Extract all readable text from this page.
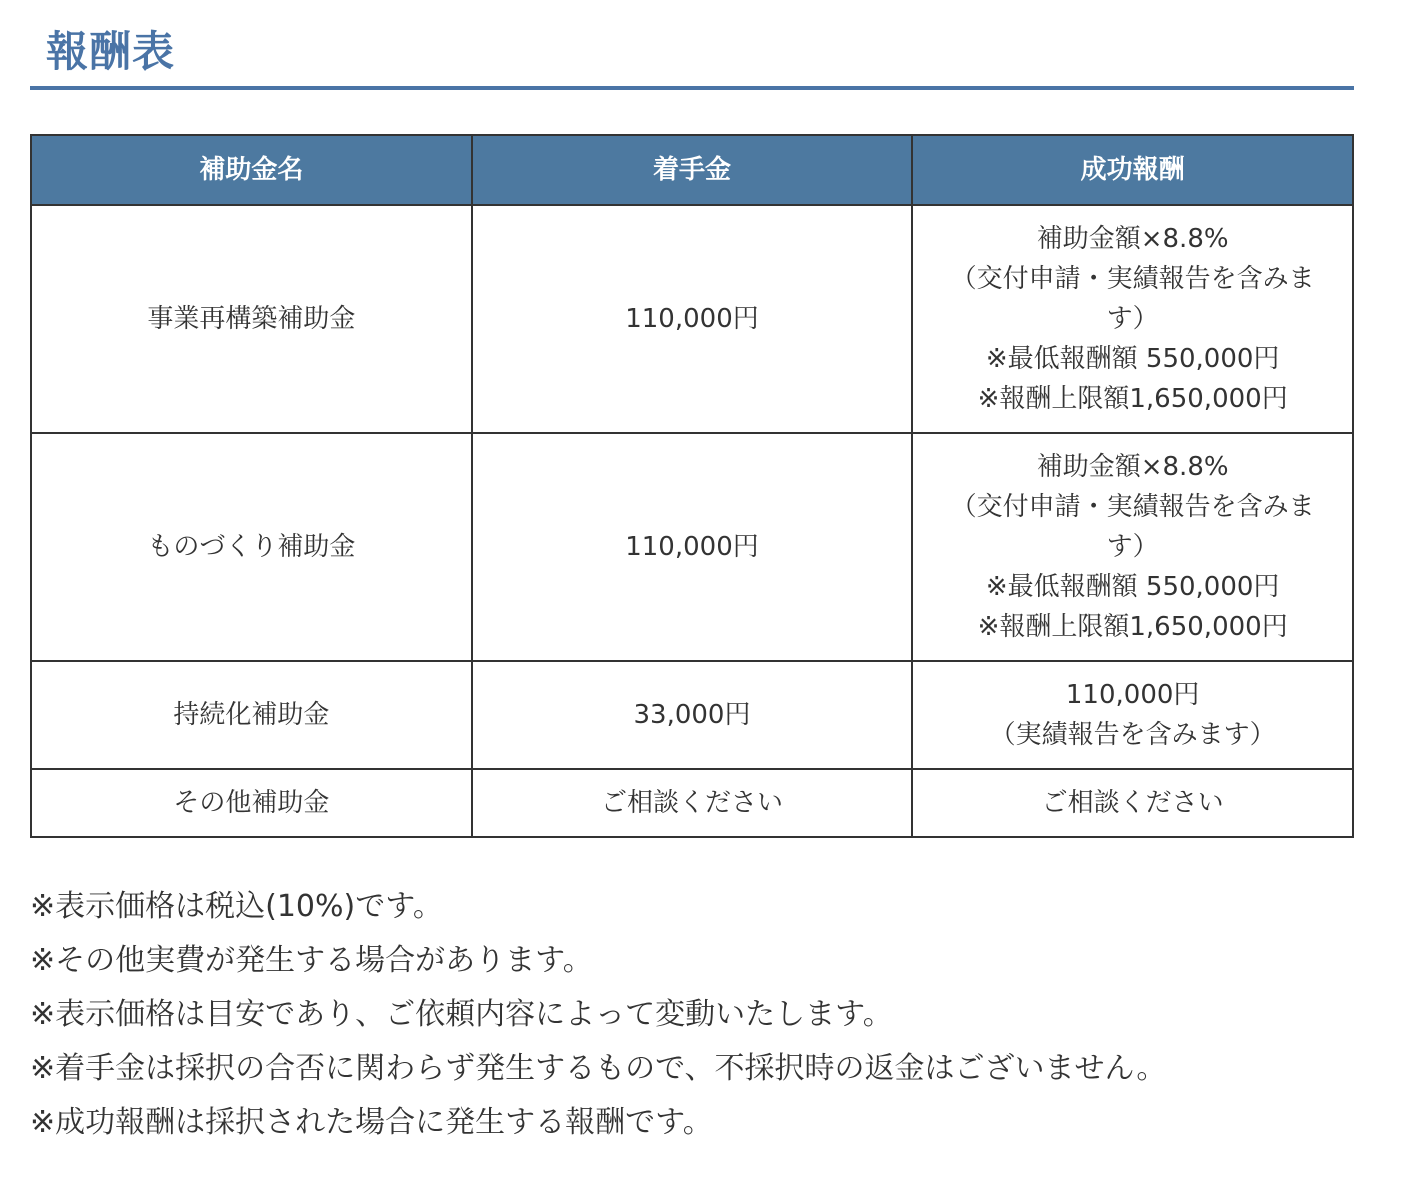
報酬表
補助金名	着手金	成功報酬
事業再構築補助金	110,000円	補助金額×8.8%
（交付申請・実績報告を含みま
す）
※最低報酬額 550,000円
※報酬上限額1,650,000円

ものづくり補助金	110,000円	補助金額×8.8%
（交付申請・実績報告を含みま
す）
※最低報酬額 550,000円
※報酬上限額1,650,000円

持続化補助金	33,000円	110,000円
（実績報告を含みます）

その他補助金	ご相談ください	ご相談ください
※表示価格は税込(10%)です。
※その他実費が発生する場合があります。
※表示価格は目安であり、ご依頼内容によって変動いたします。
※着手金は採択の合否に関わらず発生するもので、不採択時の返金はございません。
※成功報酬は採択された場合に発生する報酬です。
